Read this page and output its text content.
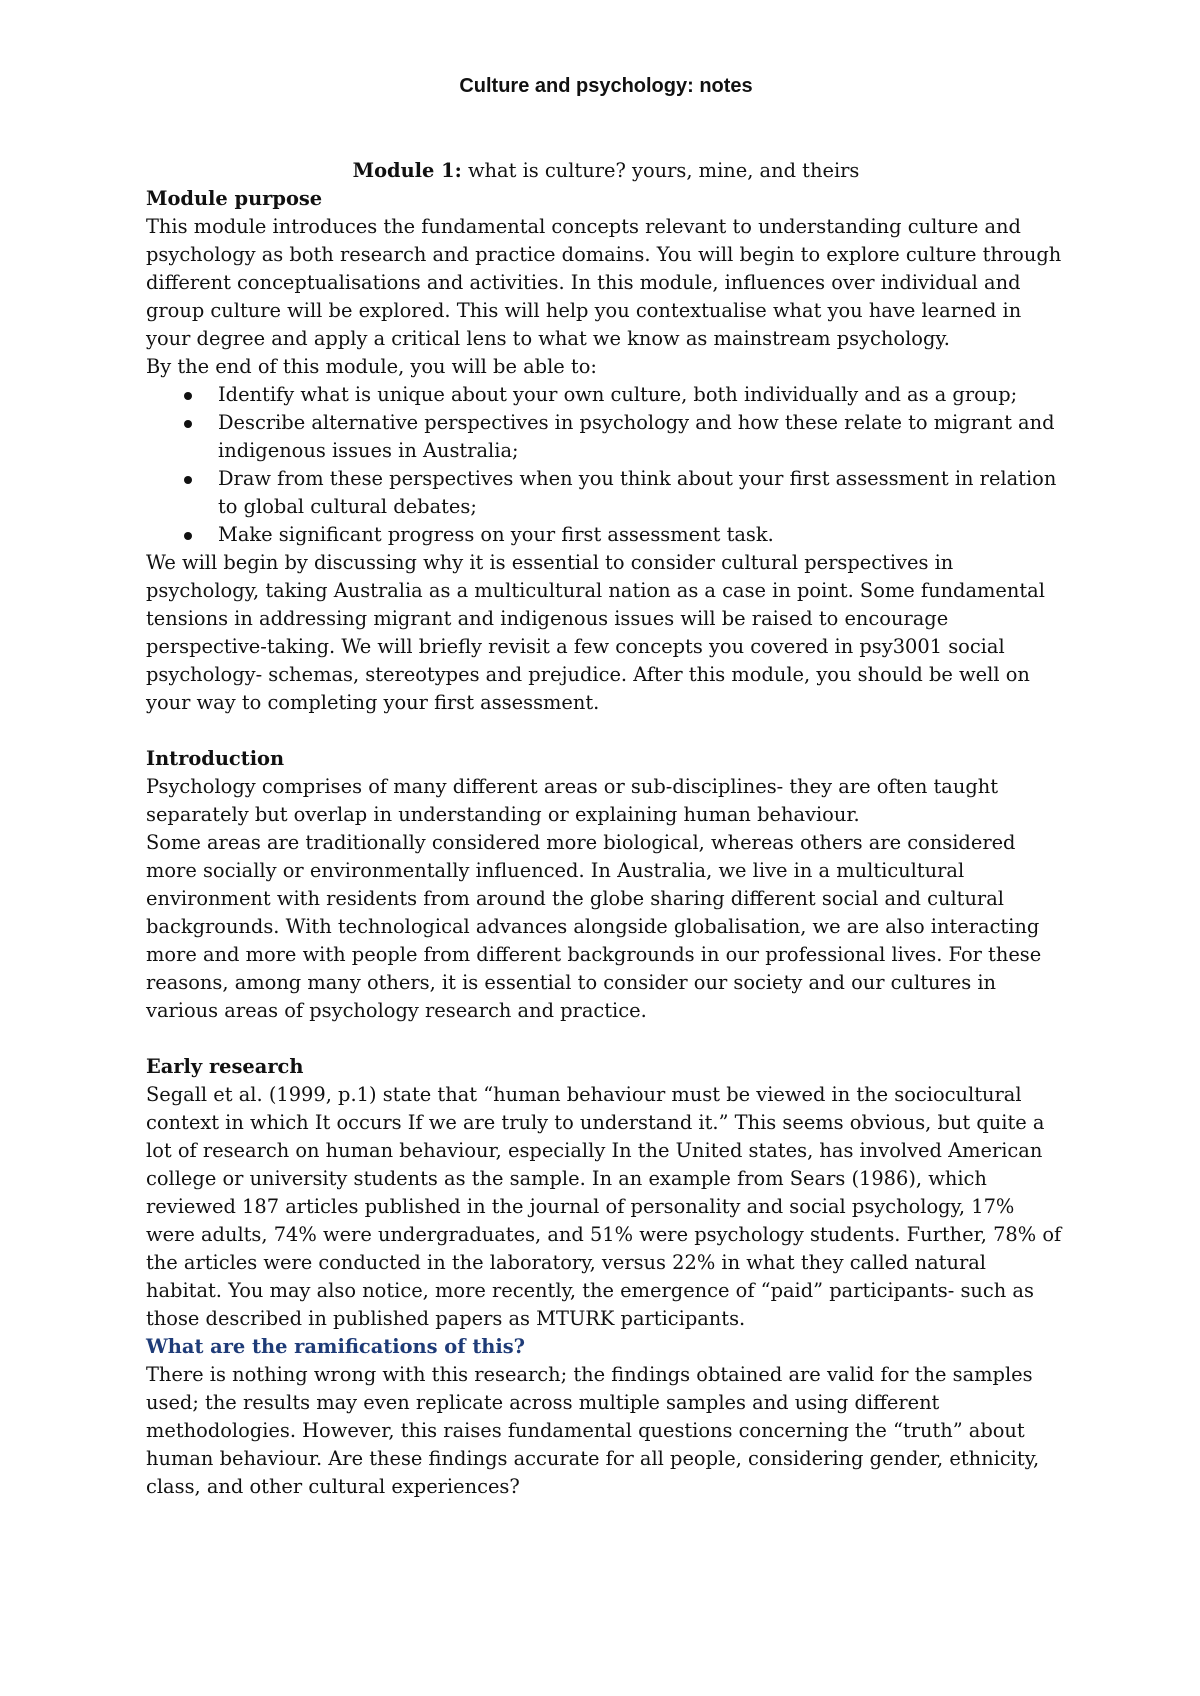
Culture and psychology: notes

Module 1: what is culture? yours, mine, and theirs

Module purpose

This module introduces the fundamental concepts relevant to understanding culture and psychology as both research and practice domains. You will begin to explore culture through different conceptualisations and activities. In this module, influences over individual and group culture will be explored. This will help you contextualise what you have learned in your degree and apply a critical lens to what we know as mainstream psychology.

By the end of this module, you will be able to:

Identify what is unique about your own culture, both individually and as a group;
Describe alternative perspectives in psychology and how these relate to migrant and indigenous issues in Australia;
Draw from these perspectives when you think about your first assessment in relation to global cultural debates;
Make significant progress on your first assessment task.

We will begin by discussing why it is essential to consider cultural perspectives in psychology, taking Australia as a multicultural nation as a case in point. Some fundamental tensions in addressing migrant and indigenous issues will be raised to encourage perspective-taking. We will briefly revisit a few concepts you covered in psy3001 social psychology- schemas, stereotypes and prejudice. After this module, you should be well on your way to completing your first assessment.

Introduction

Psychology comprises of many different areas or sub-disciplines- they are often taught separately but overlap in understanding or explaining human behaviour.

Some areas are traditionally considered more biological, whereas others are considered more socially or environmentally influenced. In Australia, we live in a multicultural environment with residents from around the globe sharing different social and cultural backgrounds. With technological advances alongside globalisation, we are also interacting more and more with people from different backgrounds in our professional lives. For these reasons, among many others, it is essential to consider our society and our cultures in various areas of psychology research and practice.

Early research

Segall et al. (1999, p.1) state that “human behaviour must be viewed in the sociocultural context in which It occurs If we are truly to understand it.” This seems obvious, but quite a lot of research on human behaviour, especially In the United states, has involved American college or university students as the sample. In an example from Sears (1986), which reviewed 187 articles published in the journal of personality and social psychology, 17% were adults, 74% were undergraduates, and 51% were psychology students. Further, 78% of the articles were conducted in the laboratory, versus 22% in what they called natural habitat. You may also notice, more recently, the emergence of “paid” participants- such as those described in published papers as MTURK participants.

What are the ramifications of this?

There is nothing wrong with this research; the findings obtained are valid for the samples used; the results may even replicate across multiple samples and using different methodologies. However, this raises fundamental questions concerning the “truth” about human behaviour. Are these findings accurate for all people, considering gender, ethnicity, class, and other cultural experiences?
